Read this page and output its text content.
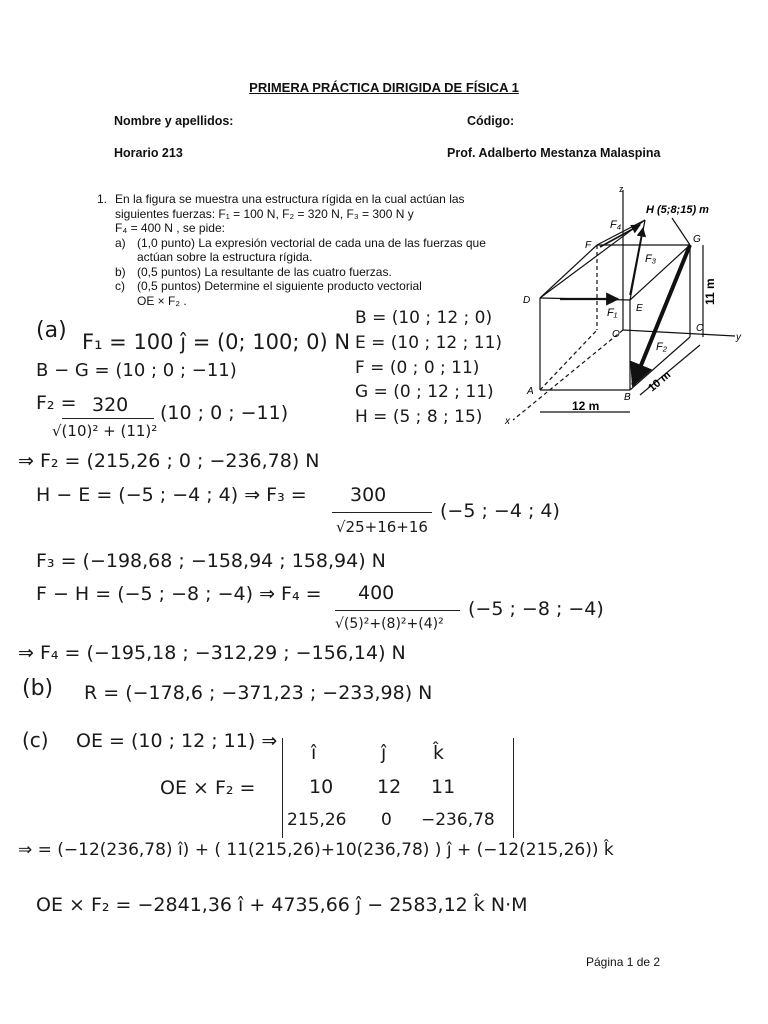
PRIMERA PRÁCTICA DIRIGIDA DE FÍSICA 1
Nombre y apellidos:	Código:
Horario 213	Prof. Adalberto Mestanza Malaspina
1. En la figura se muestra una estructura rígida en la cual actúan las siguientes fuerzas: F₁ = 100 N, F₂ = 320 N, F₃ = 300 N y
F₄ = 400 N , se pide:
a) (1,0 punto) La expresión vectorial de cada una de las fuerzas que actúan sobre la estructura rígida.
b) (0,5 puntos) La resultante de las cuatro fuerzas.
c)	(0,5 puntos) Determine el siguiente producto vectorial
OE × F₂ .
H (5;8;15) m
z
y
x
F
G
D
E
O
C
A
B
F₁
F₂
F₃
F₄
11 m
12 m
10 m
(a) F₁ = 100 ĵ = (0; 100; 0) N
B = (10 ; 12 ; 0)
E = (10 ; 12 ; 11)
F = (0 ; 0 ; 11)
G = (0 ; 12 ; 11)
H = (5 ; 8 ; 15)
B − G = (10 ; 0 ; −11)
F₂ = 320
√(10)² + (11)²
(10 ; 0 ; −11)
⇒ F₂ = (215,26 ; 0 ; −236,78) N
H − E = (−5 ; −4 ; 4) ⇒ F₃ = 300
√25+16+16
(−5 ; −4 ; 4)
F₃ = (−198,68 ; −158,94 ; 158,94) N
F − H = (−5 ; −8 ; −4) ⇒ F₄ = 400
√(5)²+(8)²+(4)²
(−5 ; −8 ; −4)
⇒ F₄ = (−195,18 ; −312,29 ; −156,14) N
(b) R = (−178,6 ; −371,23 ; −233,98) N
(c) OE = (10 ; 12 ; 11) ⇒
OE × F₂ =
î	ĵ k̂
10 12 11
215,26 0 −236,78
⇒ = (−12(236,78) î) + ( 11(215,26)+10(236,78) ) ĵ + (−12(215,26)) k̂
OE × F₂ = −2841,36 î + 4735,66 ĵ − 2583,12 k̂ N·M
Página 1 de 2
